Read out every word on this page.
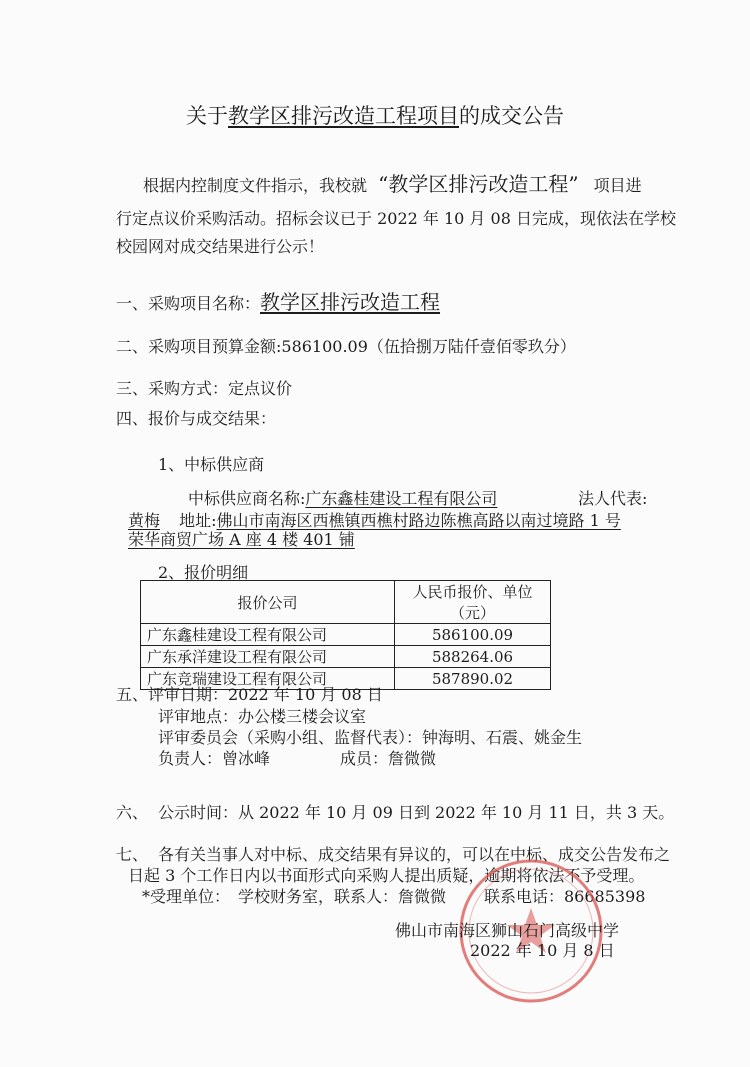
关于教学区排污改造工程项目的成交公告
根据内控制度文件指示，我校就 “教学区排污改造工程” 项目进
行定点议价采购活动。招标会议已于 2022 年 10 月 08 日完成，现依法在学校
校园网对成交结果进行公示！
一、采购项目名称：教学区排污改造工程
二、采购项目预算金额:586100.09（伍拾捌万陆仟壹佰零玖分）
三、采购方式：定点议价
四、报价与成交结果：
1、中标供应商
中标供应商名称:广东鑫桂建设工程有限公司	法人代表:
黄梅 地址:佛山市南海区西樵镇西樵村路边陈樵高路以南过境路 1 号
荣华商贸广场 A 座 4 楼 401 铺
2、报价明细
报价公司	人民币报价、单位（元）
广东鑫桂建设工程有限公司	586100.09
广东承洋建设工程有限公司	588264.06
广东竞瑞建设工程有限公司	587890.02
五、评审日期：2022 年 10 月 08 日
评审地点：办公楼三楼会议室
评审委员会（采购小组、监督代表）：钟海明、石震、姚金生
负责人：曾冰峰	成员：詹微微
六、 公示时间：从 2022 年 10 月 09 日到 2022 年 10 月 11 日，共 3 天。
七、 各有关当事人对中标、成交结果有异议的，可以在中标、成交公告发布之
日起 3 个工作日内以书面形式向采购人提出质疑，逾期将依法不予受理。
*受理单位：　学校财务室，联系人：詹微微 联系电话：86685398
佛山市南海区狮山石门高级中学
2022 年 10 月 8 日
